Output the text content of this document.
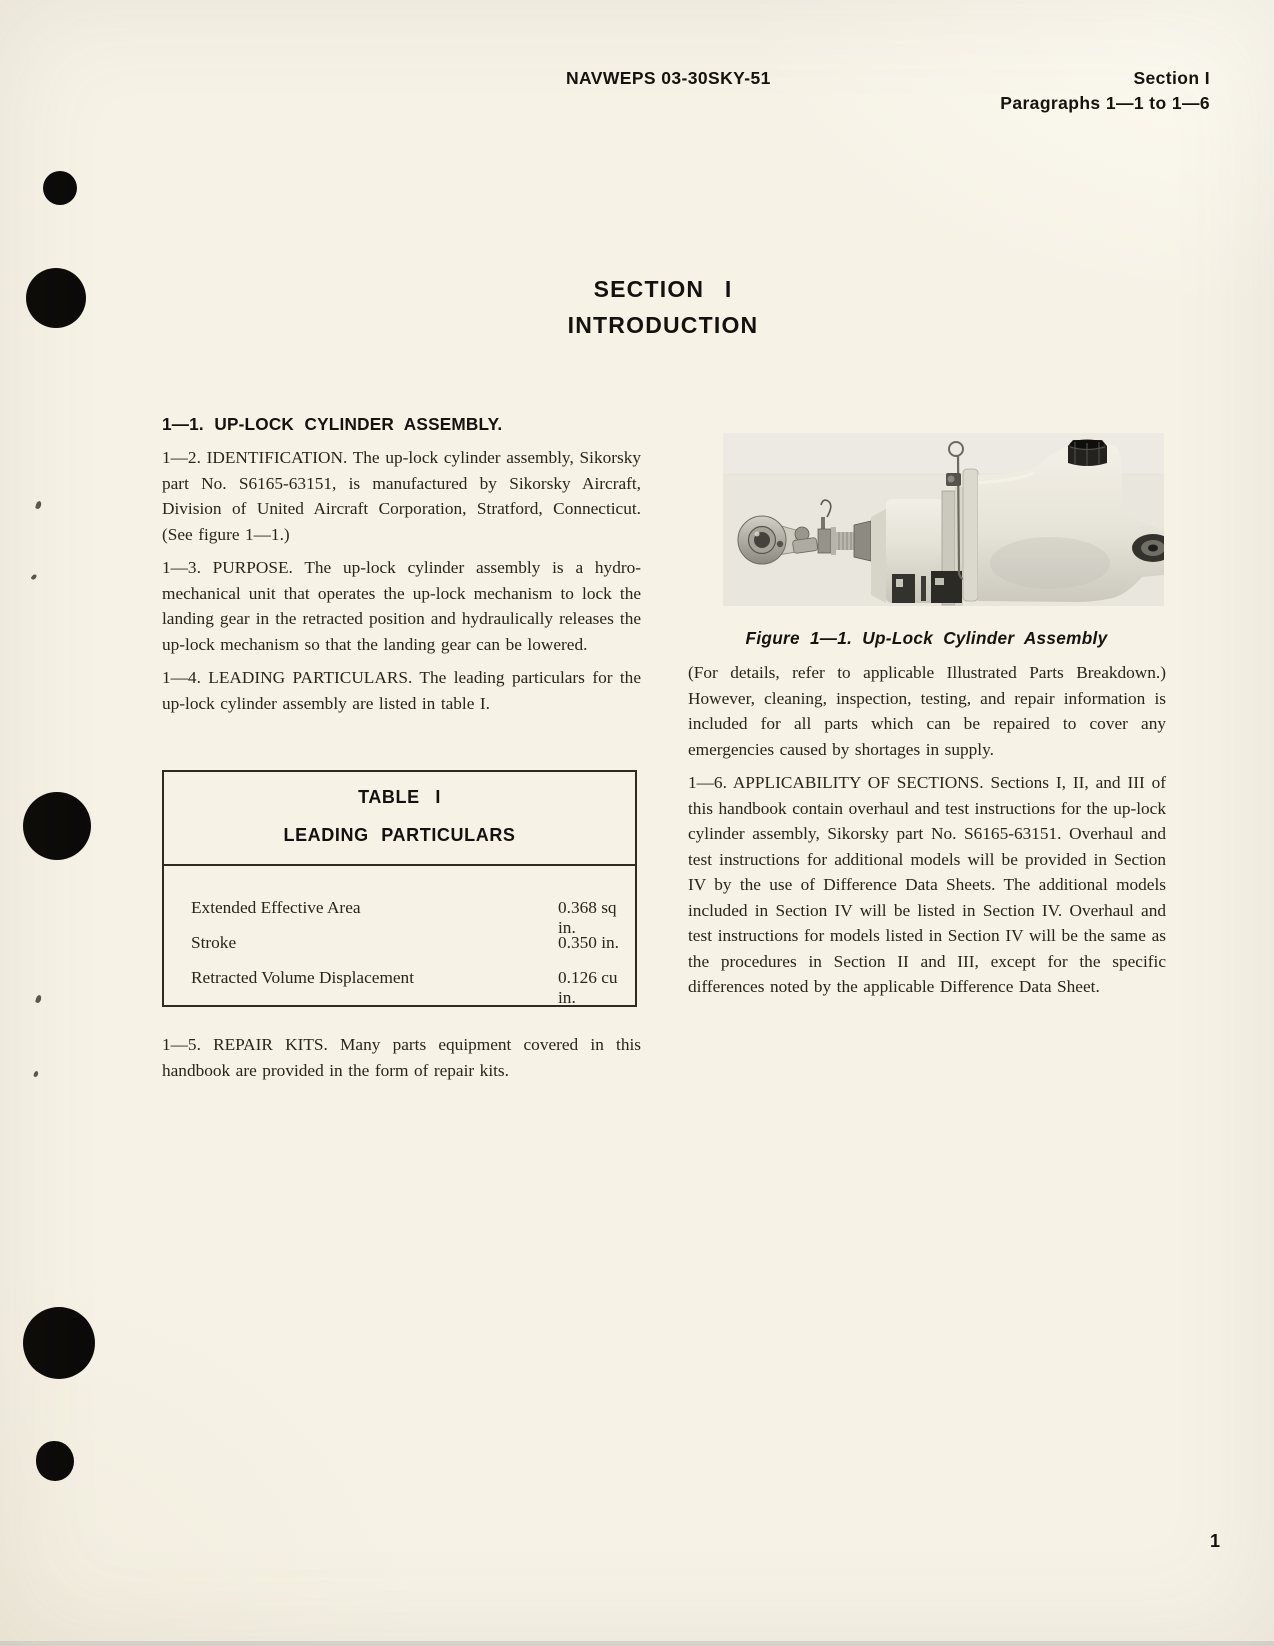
NAVWEPS 03-30SKY-51	Section I
Paragraphs 1—1 to 1—6
SECTION I
INTRODUCTION
1—1. UP-LOCK CYLINDER ASSEMBLY.

1—2. IDENTIFICATION. The up-lock cylinder assembly, Sikorsky part No. S6165-63151, is manufactured by Sikorsky Aircraft, Division of United Aircraft Corporation, Stratford, Connecticut. (See figure 1—1.)

1—3. PURPOSE. The up-lock cylinder assembly is a hydro-mechanical unit that operates the up-lock mechanism to lock the landing gear in the retracted position and hydraulically releases the up-lock mechanism so that the landing gear can be lowered.

1—4. LEADING PARTICULARS. The leading particulars for the up-lock cylinder assembly are listed in table I.

TABLE I
LEADING PARTICULARS
Extended Effective Area	0.368 sq in.
Stroke	0.350 in.
Retracted Volume Displacement	0.126 cu in.

1—5. REPAIR KITS. Many parts equipment covered in this handbook are provided in the form of repair kits.

Figure 1—1. Up-Lock Cylinder Assembly

(For details, refer to applicable Illustrated Parts Breakdown.) However, cleaning, inspection, testing, and repair information is included for all parts which can be repaired to cover any emergencies caused by shortages in supply.

1—6. APPLICABILITY OF SECTIONS. Sections I, II, and III of this handbook contain overhaul and test instructions for the up-lock cylinder assembly, Sikorsky part No. S6165-63151. Overhaul and test instructions for additional models will be provided in Section IV by the use of Difference Data Sheets. The additional models included in Section IV will be listed in Section IV. Overhaul and test instructions for models listed in Section IV will be the same as the procedures in Section II and III, except for the specific differences noted by the applicable Difference Data Sheet.

1
